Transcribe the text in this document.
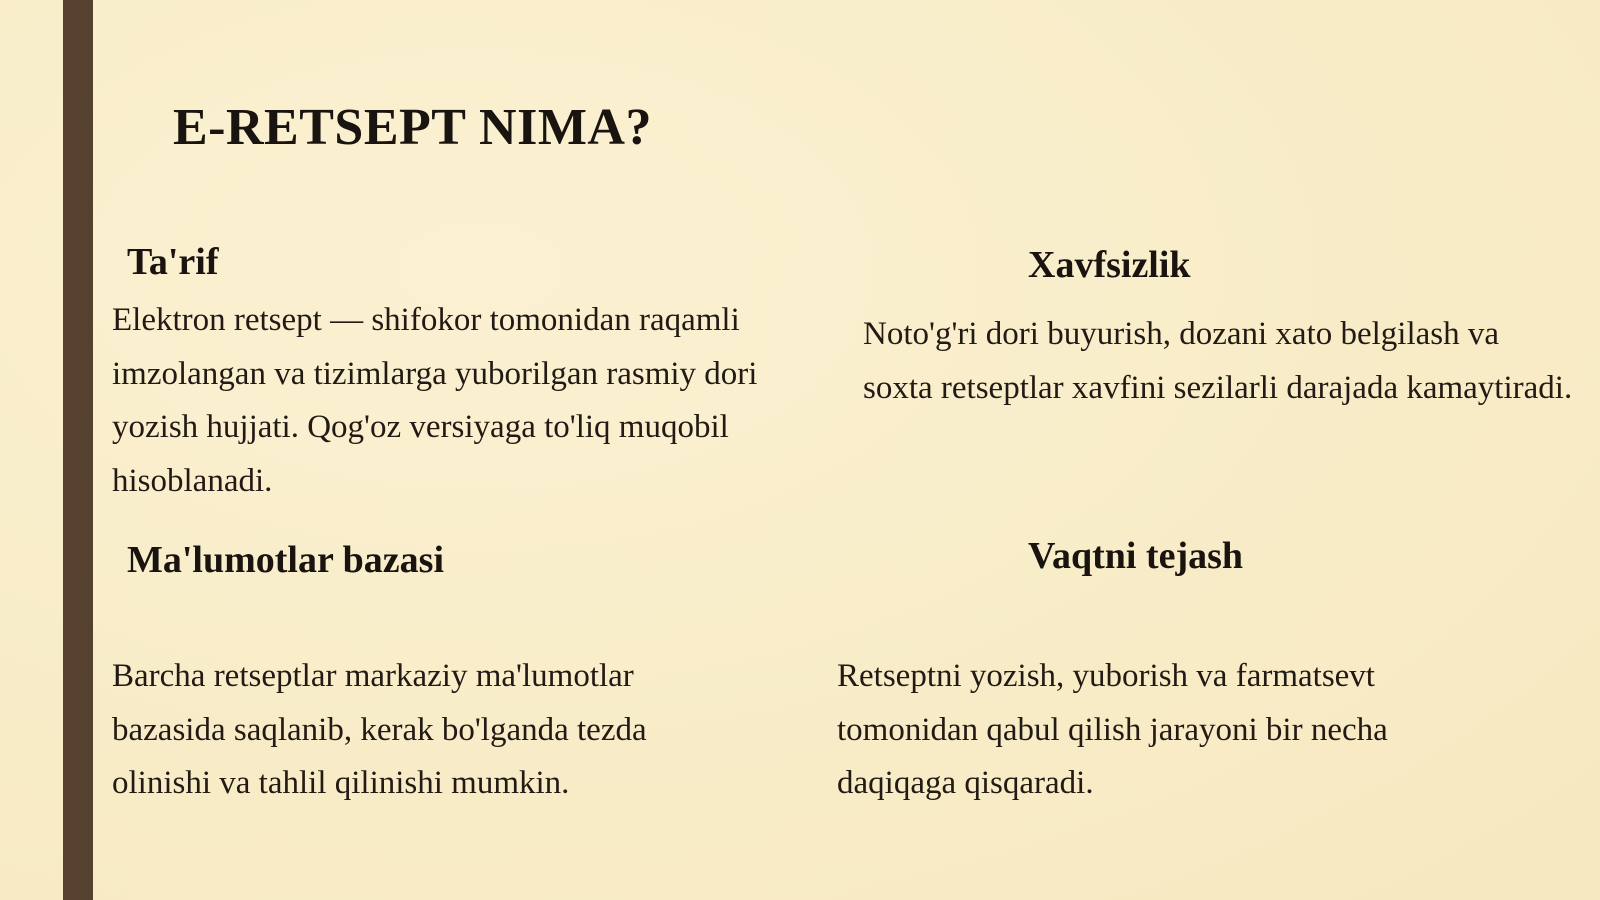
E-RETSEPT NIMA?
Ta'rif

Elektron retsept — shifokor tomonidan raqamli imzolangan va tizimlarga yuborilgan rasmiy dori yozish hujjati. Qog'oz versiyaga to'liq muqobil hisoblanadi.

Xavfsizlik

Noto'g'ri dori buyurish, dozani xato belgilash va soxta retseptlar xavfini sezilarli darajada kamaytiradi.

Ma'lumotlar bazasi

Barcha retseptlar markaziy ma'lumotlar bazasida saqlanib, kerak bo'lganda tezda olinishi va tahlil qilinishi mumkin.

Vaqtni tejash

Retseptni yozish, yuborish va farmatsevt tomonidan qabul qilish jarayoni bir necha daqiqaga qisqaradi.
